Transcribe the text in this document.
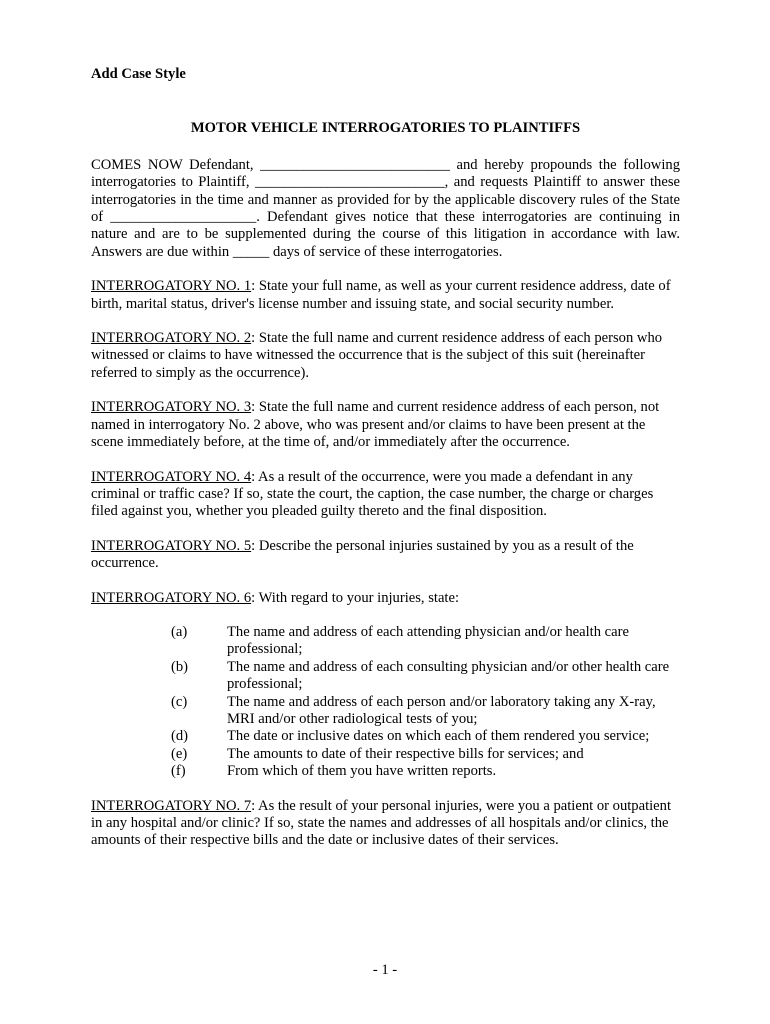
Add Case Style

MOTOR VEHICLE INTERROGATORIES TO PLAINTIFFS

COMES NOW Defendant, __________________________ and hereby propounds the following interrogatories to Plaintiff, __________________________, and requests Plaintiff to answer these interrogatories in the time and manner as provided for by the applicable discovery rules of the State of ____________________. Defendant gives notice that these interrogatories are continuing in nature and are to be supplemented during the course of this litigation in accordance with law. Answers are due within _____ days of service of these interrogatories.

INTERROGATORY NO. 1: State your full name, as well as your current residence address, date of birth, marital status, driver's license number and issuing state, and social security number.

INTERROGATORY NO. 2: State the full name and current residence address of each person who witnessed or claims to have witnessed the occurrence that is the subject of this suit (hereinafter referred to simply as the occurrence).

INTERROGATORY NO. 3: State the full name and current residence address of each person, not named in interrogatory No. 2 above, who was present and/or claims to have been present at the scene immediately before, at the time of, and/or immediately after the occurrence.

INTERROGATORY NO. 4: As a result of the occurrence, were you made a defendant in any criminal or traffic case? If so, state the court, the caption, the case number, the charge or charges filed against you, whether you pleaded guilty thereto and the final disposition.

INTERROGATORY NO. 5: Describe the personal injuries sustained by you as a result of the occurrence.

INTERROGATORY NO. 6: With regard to your injuries, state:

(a)	The name and address of each attending physician and/or health care professional;
(b)	The name and address of each consulting physician and/or other health care professional;
(c)	The name and address of each person and/or laboratory taking any X-ray, MRI and/or other radiological tests of you;
(d)	The date or inclusive dates on which each of them rendered you service;
(e)	The amounts to date of their respective bills for services; and
(f)	From which of them you have written reports.

INTERROGATORY NO. 7: As the result of your personal injuries, were you a patient or outpatient in any hospital and/or clinic? If so, state the names and addresses of all hospitals and/or clinics, the amounts of their respective bills and the date or inclusive dates of their services.

- 1 -
